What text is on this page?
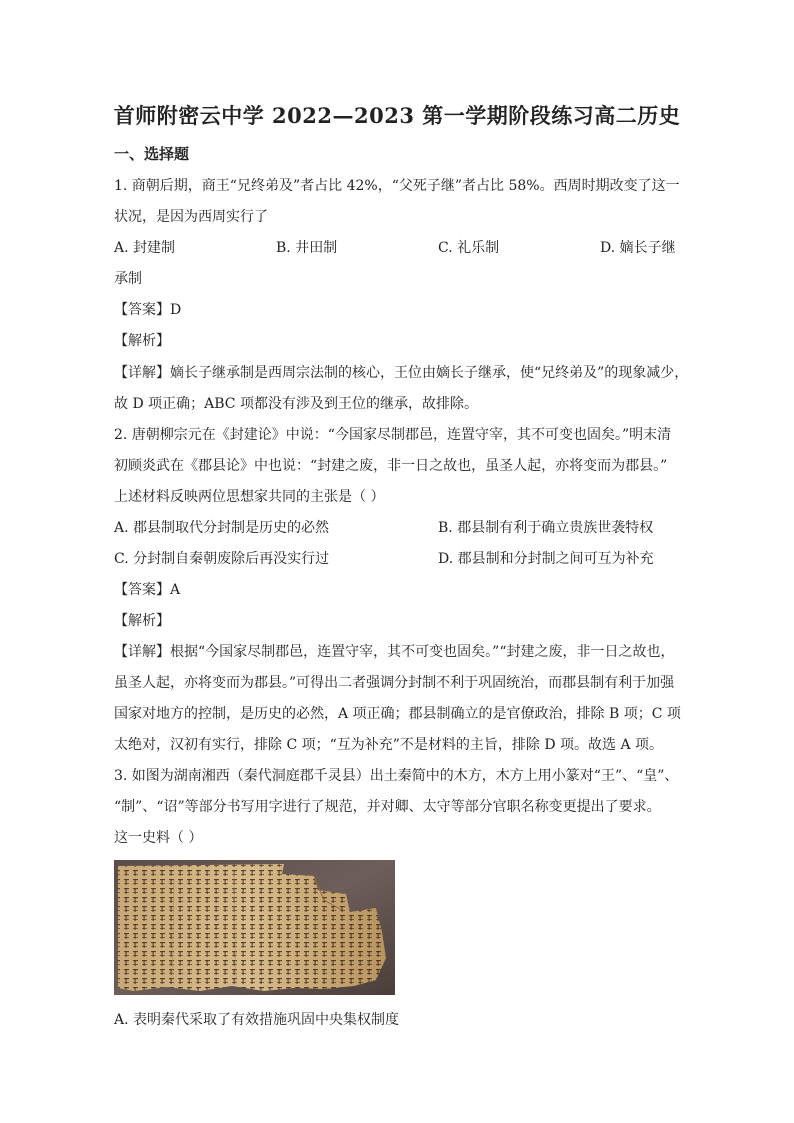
首师附密云中学 2022—2023 第一学期阶段练习高二历史
一、选择题
1. 商朝后期，商王“兄终弟及”者占比 42%，“父死子继”者占比 58%。西周时期改变了这一
状况，是因为西周实行了
A. 封建制	B. 井田制	C. 礼乐制	D. 嫡长子继
承制
【答案】D
【解析】
【详解】嫡长子继承制是西周宗法制的核心，王位由嫡长子继承，使“兄终弟及”的现象减少，
故 D 项正确；ABC 项都没有涉及到王位的继承，故排除。
2. 唐朝柳宗元在《封建论》中说：“今国家尽制郡邑，连置守宰，其不可变也固矣。”明末清
初顾炎武在《郡县论》中也说：“封建之废，非一日之故也，虽圣人起，亦将变而为郡县。”
上述材料反映两位思想家共同的主张是（ ）
A. 郡县制取代分封制是历史的必然	B. 郡县制有利于确立贵族世袭特权
C. 分封制自秦朝废除后再没实行过	D. 郡县制和分封制之间可互为补充
【答案】A
【解析】
【详解】根据“今国家尽制郡邑，连置守宰，其不可变也固矣。”“封建之废，非一日之故也，
虽圣人起，亦将变而为郡县。”可得出二者强调分封制不利于巩固统治，而郡县制有利于加强
国家对地方的控制，是历史的必然，A 项正确；郡县制确立的是官僚政治，排除 B 项；C 项
太绝对，汉初有实行，排除 C 项；“互为补充”不是材料的主旨，排除 D 项。故选 A 项。
3. 如图为湖南湘西（秦代洞庭郡千灵县）出土秦简中的木方，木方上用小篆对“王”、“皇”、
“制”、“诏”等部分书写用字进行了规范，并对卿、太守等部分官职名称变更提出了要求。
这一史料（ ）
A. 表明秦代采取了有效措施巩固中央集权制度
